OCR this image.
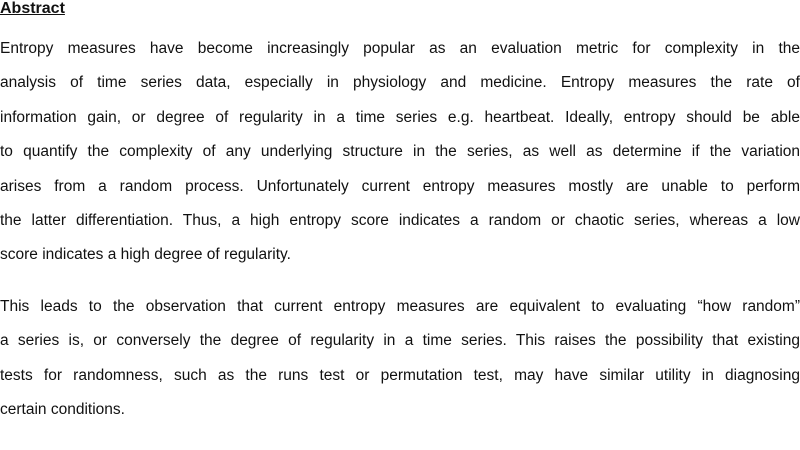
Abstract
Entropy measures have become increasingly popular as an evaluation metric for complexity in the
analysis of time series data, especially in physiology and medicine. Entropy measures the rate of
information gain, or degree of regularity in a time series e.g. heartbeat. Ideally, entropy should be able
to quantify the complexity of any underlying structure in the series, as well as determine if the variation
arises from a random process. Unfortunately current entropy measures mostly are unable to perform
the latter differentiation. Thus, a high entropy score indicates a random or chaotic series, whereas a low
score indicates a high degree of regularity.
This leads to the observation that current entropy measures are equivalent to evaluating “how random”
a series is, or conversely the degree of regularity in a time series. This raises the possibility that existing
tests for randomness, such as the runs test or permutation test, may have similar utility in diagnosing
certain conditions.
